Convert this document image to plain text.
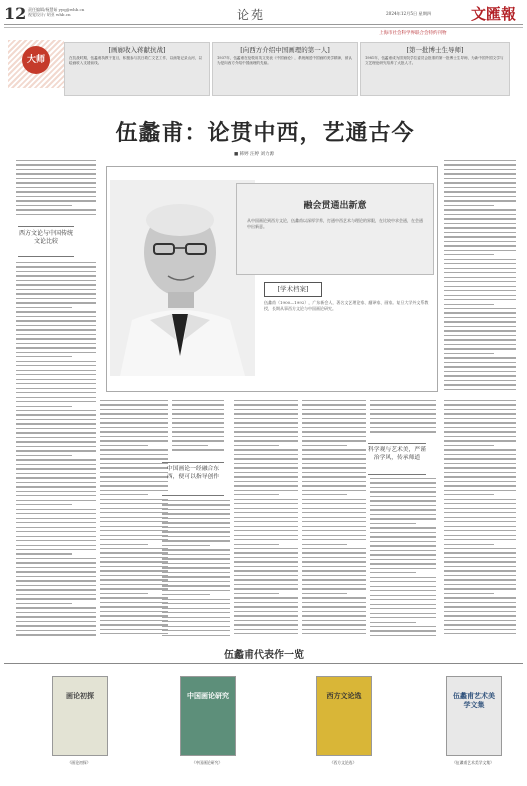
12 责任编辑/杨慧茹 yyq@whb.cn
视觉设计/ 胡亚 whb.cn	论苑	2024年12月5日 星期四	文匯報
上海市社会科学界联合会特约刊物
大师
[画廊收入蒋献抗战]
在抗战时期，伍蠡甫执教于复旦，积极参与抗日救亡文艺工作，以画笔记录山河，以绘画收入支援前线。
[向西方介绍中国画理的第一人]
1937年，伍蠡甫在伦敦用英文发表《中国画论》，系统阐述中国画的美学精神，被认为是向西方介绍中国画理的先驱。
[第一批博士生导师]
1981年，伍蠡甫成为国务院学位委员会批准的第一批博士生导师，为新中国外国文学与文艺理论研究培养了大批人才。
伍蠡甫：论贯中西，艺通古今
■ 韩婷 汪婷 刘力源
融会贯通出新意
从中国画论到西方文论，伍蠡甫以深厚学养，打通中西艺术与理论的界限，在比较中求会通，在会通中出新意。
[学术档案]
伍蠡甫（1900—1992），广东新会人，著名文艺理论家、翻译家、画家。复旦大学外文系教授，长期从事西方文论与中国画论研究。
西方文论与中国传统文论比较
中国画论一经融合东西，便可以指导创作
科学观与艺术美，严谨治学风，传承师道
伍蠡甫代表作一览
画论初探
《画论初探》
中国画论研究
《中国画论研究》
西方文论选
《西方文论选》
伍蠡甫艺术美学文集
《伍蠡甫艺术美学文集》
